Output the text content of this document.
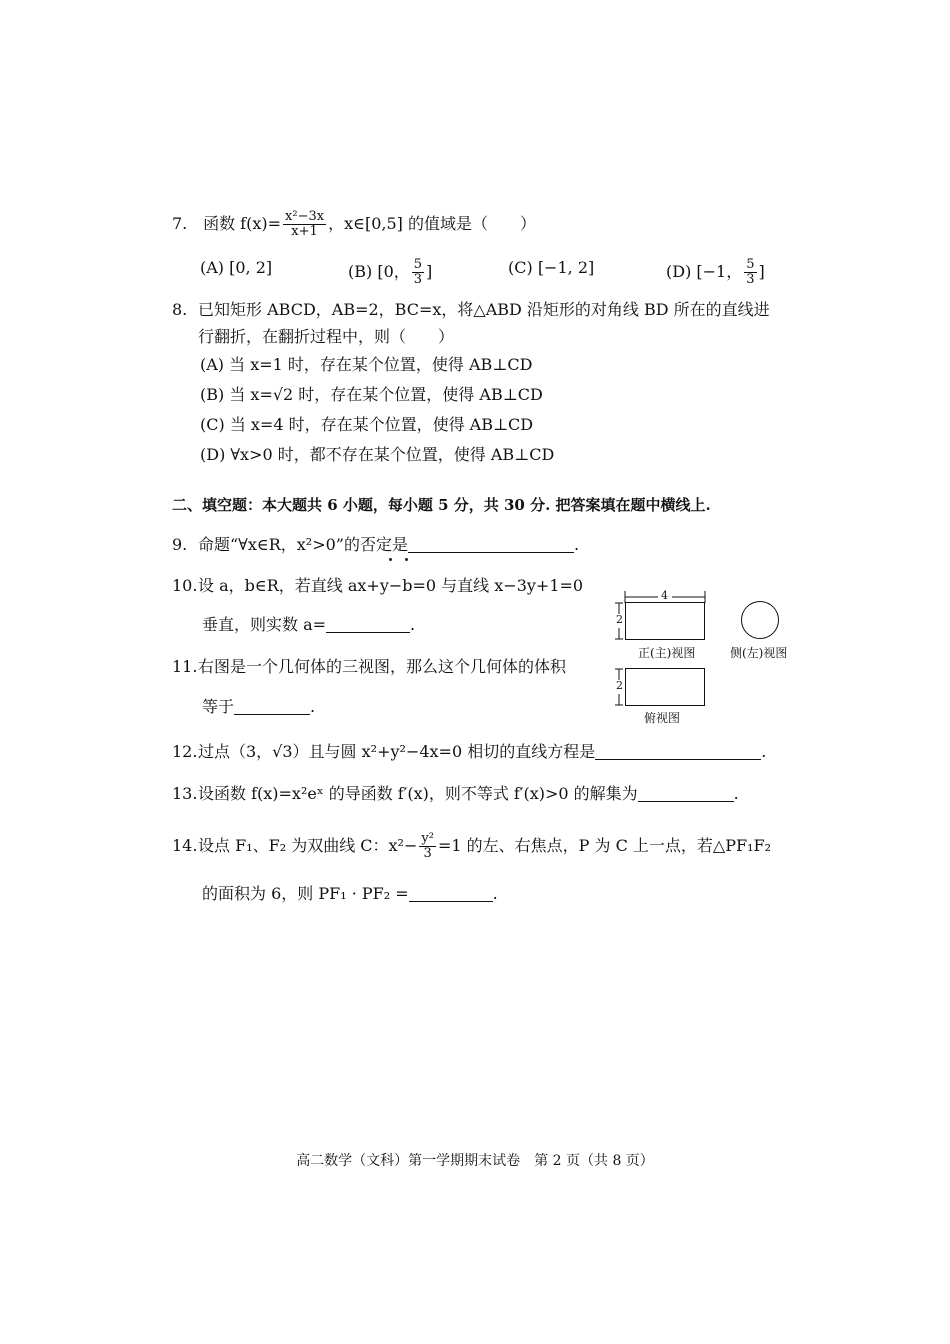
7. 函数 $f(x)= \frac{\text{x²−3x}}{x+1}$ ，x∈[0,5] 的值域是（　　）
(A) [0, 2]	(B) [0， $\frac{5}{3}$ ]	(C) [−1, 2]	(D) [−1， $\frac{5}{3}$ ]
8. 已知矩形 ABCD，AB=2，BC=x，将△ABD 沿矩形的对角线 BD 所在的直线进
行翻折，在翻折过程中，则（　　）
(A) 当 x=1 时，存在某个位置，使得 AB⊥CD
(B) 当 x=√2 时，存在某个位置，使得 AB⊥CD
(C) 当 x=4 时，存在某个位置，使得 AB⊥CD
(D) ∀x>0 时，都不存在某个位置，使得 AB⊥CD
二、填空题：本大题共 6 小题，每小题 5 分，共 30 分. 把答案填在题中横线上.
9. 命题“∀x∈R，x²>0”的否定是	.
10.设 a，b∈R，若直线 ax+y−b=0 与直线 x−3y+1=0
垂直，则实数 a=	.
11.右图是一个几何体的三视图，那么这个几何体的体积
等于	.
4
2
正(主)视图	侧(左)视图
2
俯视图
12.过点（3，√3）且与圆 x²+y²−4x=0 相切的直线方程是	.
13.设函数 f(x)=x²eˣ 的导函数 f′(x)，则不等式 f′(x)>0 的解集为	.
14.设点 F₁、F₂ 为双曲线 C：$x^2- \frac{\text{y²}}{3} =1$ 的左、右焦点，P 为 C 上一点，若△PF₁F₂
的面积为 6，则 PF₁ · PF₂ =	.
高二数学（文科）第一学期期末试卷　第 2 页（共 8 页）
